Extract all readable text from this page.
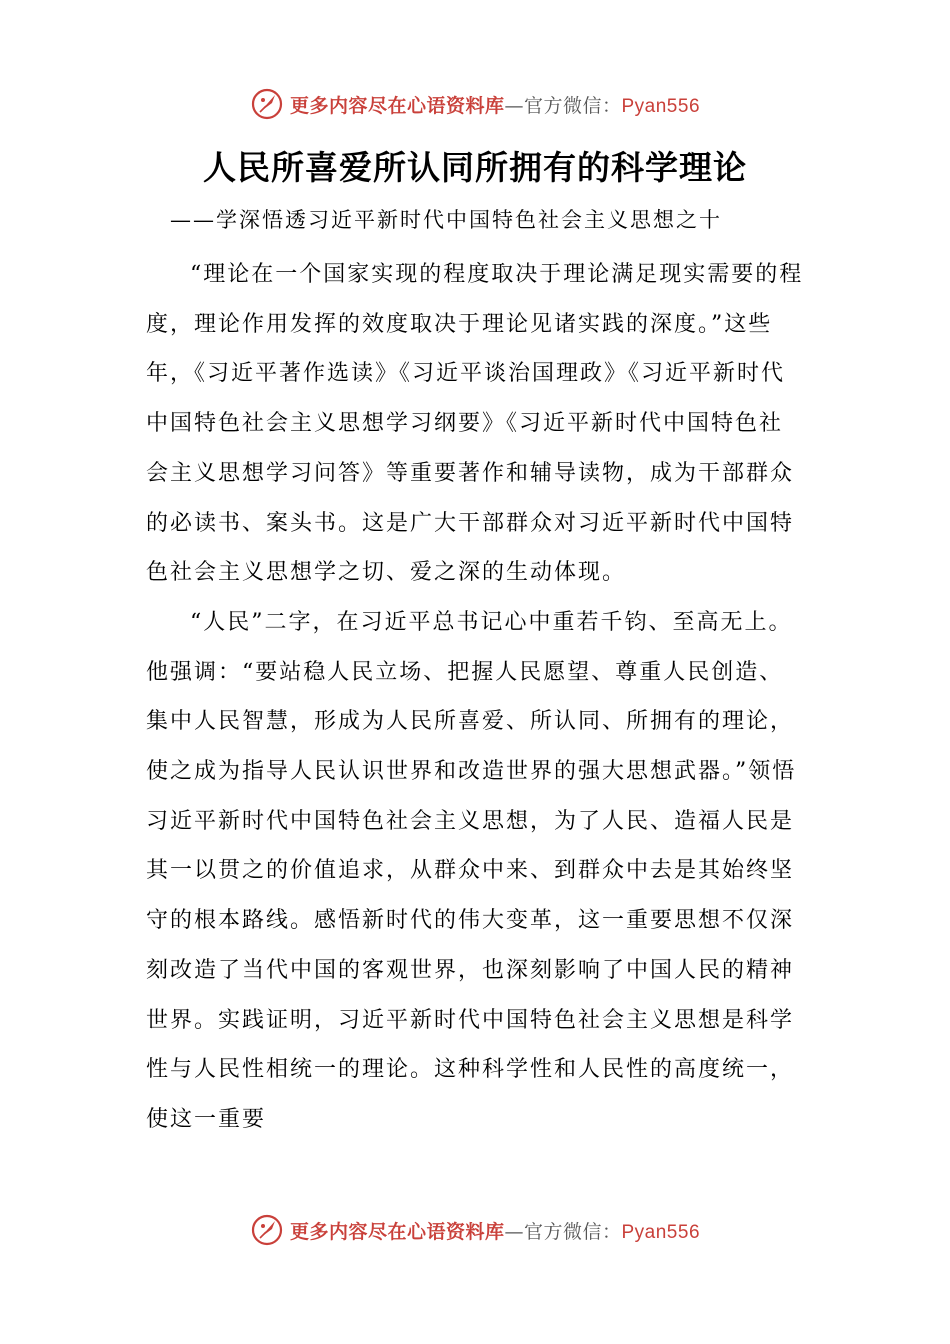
更多内容尽在心语资料库—官方微信：Pyan556
人民所喜爱所认同所拥有的科学理论
——学深悟透习近平新时代中国特色社会主义思想之十

“理论在一个国家实现的程度取决于理论满足现实需要的程度，理论作用发挥的效度取决于理论见诸实践的深度。”这些年，《习近平著作选读》《习近平谈治国理政》《习近平新时代中国特色社会主义思想学习纲要》《习近平新时代中国特色社会主义思想学习问答》等重要著作和辅导读物，成为干部群众的必读书、案头书。这是广大干部群众对习近平新时代中国特色社会主义思想学之切、爱之深的生动体现。

“人民”二字，在习近平总书记心中重若千钧、至高无上。他强调：“要站稳人民立场、把握人民愿望、尊重人民创造、集中人民智慧，形成为人民所喜爱、所认同、所拥有的理论，使之成为指导人民认识世界和改造世界的强大思想武器。”领悟习近平新时代中国特色社会主义思想，为了人民、造福人民是其一以贯之的价值追求，从群众中来、到群众中去是其始终坚守的根本路线。感悟新时代的伟大变革，这一重要思想不仅深刻改造了当代中国的客观世界，也深刻影响了中国人民的精神世界。实践证明，习近平新时代中国特色社会主义思想是科学性与人民性相统一的理论。这种科学性和人民性的高度统一，使这一重要

更多内容尽在心语资料库—官方微信：Pyan556
